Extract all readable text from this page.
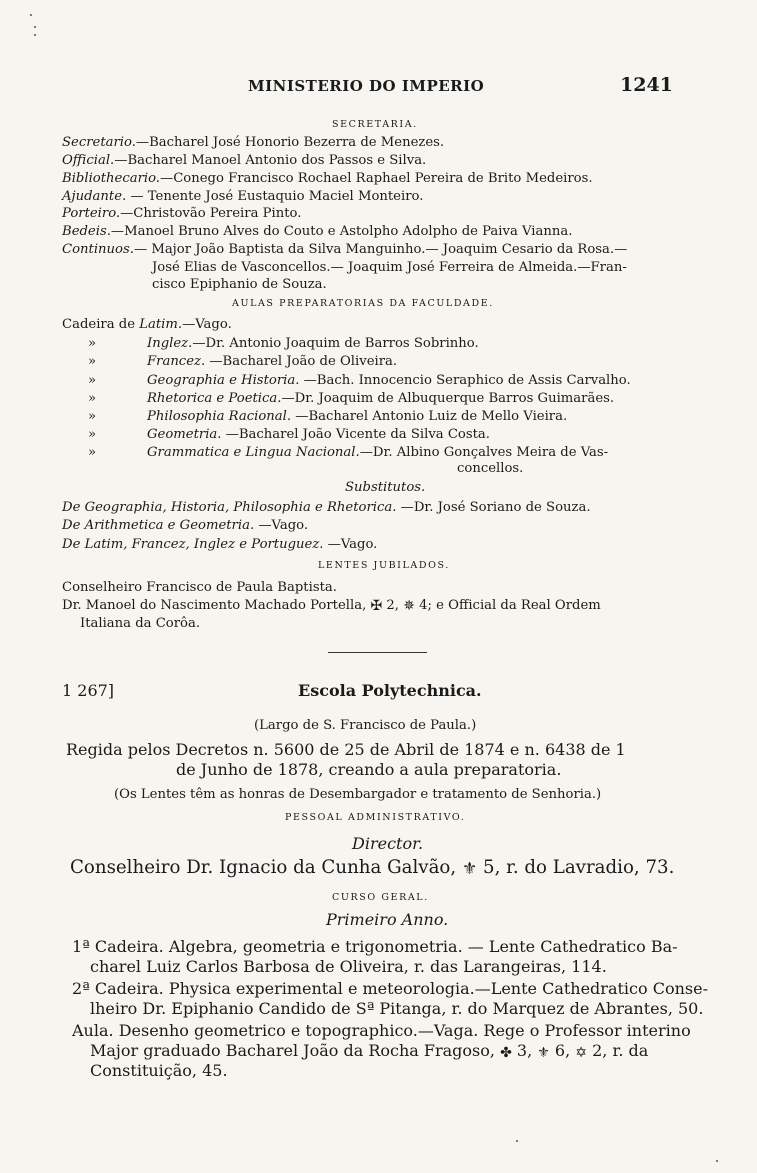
MINISTERIO DO IMPERIO	1241
SECRETARIA.
Secretario.—Bacharel José Honorio Bezerra de Menezes.
Official.—Bacharel Manoel Antonio dos Passos e Silva.
Bibliothecario.—Conego Francisco Rochael Raphael Pereira de Brito Medeiros.
Ajudante. — Tenente José Eustaquio Maciel Monteiro.
Porteiro.—Christovão Pereira Pinto.
Bedeis.—Manoel Bruno Alves do Couto e Astolpho Adolpho de Paiva Vianna.
Continuos.— Major João Baptista da Silva Manguinho.— Joaquim Cesario da Rosa.—
José Elias de Vasconcellos.— Joaquim José Ferreira de Almeida.—Fran-
cisco Epiphanio de Souza.
AULAS PREPARATORIAS DA FACULDADE.
Cadeira de Latim.—Vago.
»	Inglez.—Dr. Antonio Joaquim de Barros Sobrinho.
»	Francez. —Bacharel João de Oliveira.
»	Geographia e Historia. —Bach. Innocencio Seraphico de Assis Carvalho.
»	Rhetorica e Poetica.—Dr. Joaquim de Albuquerque Barros Guimarães.
»	Philosophia Racional. —Bacharel Antonio Luiz de Mello Vieira.
»	Geometria. —Bacharel João Vicente da Silva Costa.
»	Grammatica e Lingua Nacional.—Dr. Albino Gonçalves Meira de Vas-
concellos.
Substitutos.
De Geographia, Historia, Philosophia e Rhetorica. —Dr. José Soriano de Souza.
De Arithmetica e Geometria. —Vago.
De Latim, Francez, Inglez e Portuguez. —Vago.
LENTES JUBILADOS.
Conselheiro Francisco de Paula Baptista.
Dr. Manoel do Nascimento Machado Portella, ✠ 2, ✵ 4; e Official da Real Ordem
Italiana da Corôa.
1 267]	Escola Polytechnica.
(Largo de S. Francisco de Paula.)
Regida pelos Decretos n. 5600 de 25 de Abril de 1874 e n. 6438 de 1
de Junho de 1878, creando a aula preparatoria.
(Os Lentes têm as honras de Desembargador e tratamento de Senhoria.)
PESSOAL ADMINISTRATIVO.
Director.
Conselheiro Dr. Ignacio da Cunha Galvão, ⚜ 5, r. do Lavradio, 73.
CURSO GERAL.
Primeiro Anno.
1ª Cadeira. Algebra, geometria e trigonometria. — Lente Cathedratico Ba-
charel Luiz Carlos Barbosa de Oliveira, r. das Larangeiras, 114.
2ª Cadeira. Physica experimental e meteorologia.—Lente Cathedratico Conse-
lheiro Dr. Epiphanio Candido de Sª Pitanga, r. do Marquez de Abrantes, 50.
Aula. Desenho geometrico e topographico.—Vaga. Rege o Professor interino
Major graduado Bacharel João da Rocha Fragoso, ✤ 3, ⚜ 6, ✡ 2, r. da
Constituição, 45.
